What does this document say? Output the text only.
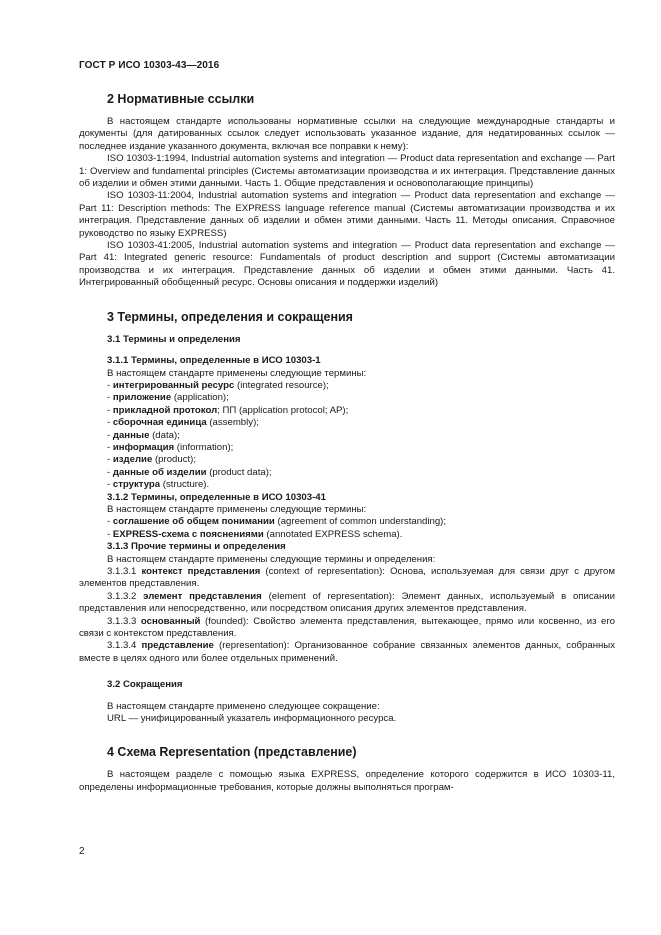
ГОСТ Р ИСО 10303-43—2016
2 Нормативные ссылки

В настоящем стандарте использованы нормативные ссылки на следующие международные стандарты и документы (для датированных ссылок следует использовать указанное издание, для недатированных ссылок — последнее издание указанного документа, включая все поправки к нему):

ISO 10303-1:1994, Industrial automation systems and integration — Product data representation and exchange — Part 1: Overview and fundamental principles (Системы автоматизации производства и их интеграция. Представление данных об изделии и обмен этими данными. Часть 1. Общие представления и основополагающие принципы)

ISO 10303-11:2004, Industrial automation systems and integration — Product data representation and exchange — Part 11: Description methods: The EXPRESS language reference manual (Системы автоматизации производства и их интеграция. Представление данных об изделии и обмен этими данными. Часть 11. Методы описания. Справочное руководство по языку EXPRESS)

ISO 10303-41:2005, Industrial automation systems and integration — Product data representation and exchange — Part 41: Integrated generic resource: Fundamentals of product description and support (Системы автоматизации производства и их интеграция. Представление данных об изделии и обмен этими данными. Часть 41. Интегрированный обобщенный ресурс. Основы описания и поддержки изделий)

3 Термины, определения и сокращения
3.1 Термины и определения
3.1.1 Термины, определенные в ИСО 10303-1
В настоящем стандарте применены следующие термины:
- интегрированный ресурс (integrated resource);
- приложение (application);
- прикладной протокол; ПП (application protocol; AP);
- сборочная единица (assembly);
- данные (data);
- информация (information);
- изделие (product);
- данные об изделии (product data);
- структура (structure).
3.1.2 Термины, определенные в ИСО 10303-41
В настоящем стандарте применены следующие термины:
- соглашение об общем понимании (agreement of common understanding);
- EXPRESS-схема с пояснениями (annotated EXPRESS schema).
3.1.3 Прочие термины и определения
В настоящем стандарте применены следующие термины и определения:

3.1.3.1 контекст представления (context of representation): Основа, используемая для связи друг с другом элементов представления.

3.1.3.2 элемент представления (element of representation): Элемент данных, используемый в описании представления или непосредственно, или посредством описания других элементов представления.

3.1.3.3 основанный (founded): Свойство элемента представления, вытекающее, прямо или косвенно, из его связи с контекстом представления.

3.1.3.4 представление (representation): Организованное собрание связанных элементов данных, собранных вместе в целях одного или более отдельных применений.

3.2 Сокращения
В настоящем стандарте применено следующее сокращение:
URL — унифицированный указатель информационного ресурса.
4 Схема Representation (представление)

В настоящем разделе с помощью языка EXPRESS, определение которого содержится в ИСО 10303-11, определены информационные требования, которые должны выполняться програм-

2
